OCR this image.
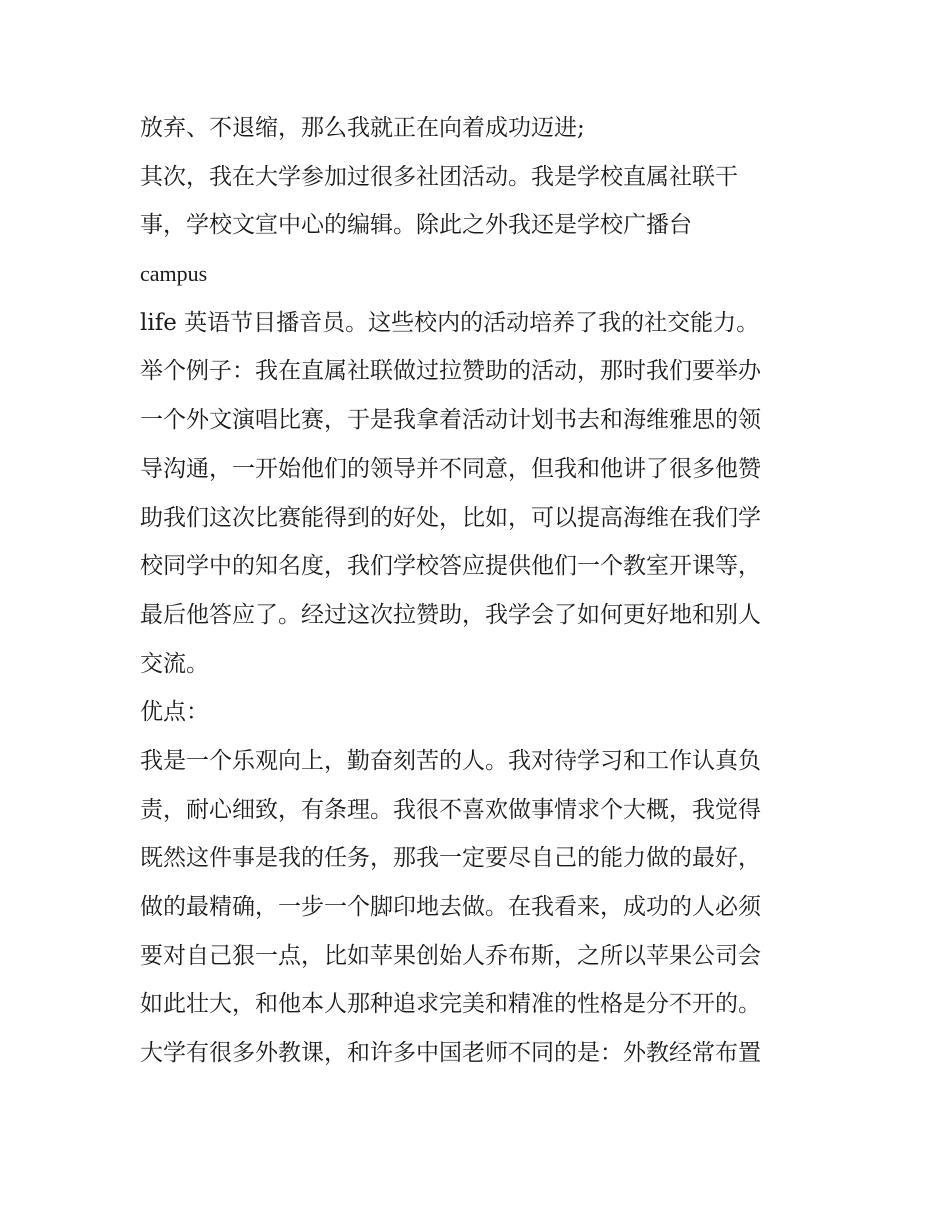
放弃、不退缩，那么我就正在向着成功迈进;
其次，我在大学参加过很多社团活动。我是学校直属社联干
事，学校文宣中心的编辑。除此之外我还是学校广播台
campus
life 英语节目播音员。这些校内的活动培养了我的社交能力。
举个例子：我在直属社联做过拉赞助的活动，那时我们要举办
一个外文演唱比赛，于是我拿着活动计划书去和海维雅思的领
导沟通，一开始他们的领导并不同意，但我和他讲了很多他赞
助我们这次比赛能得到的好处，比如，可以提高海维在我们学
校同学中的知名度，我们学校答应提供他们一个教室开课等，
最后他答应了。经过这次拉赞助，我学会了如何更好地和别人
交流。
优点：
我是一个乐观向上，勤奋刻苦的人。我对待学习和工作认真负
责，耐心细致，有条理。我很不喜欢做事情求个大概，我觉得
既然这件事是我的任务，那我一定要尽自己的能力做的最好，
做的最精确，一步一个脚印地去做。在我看来，成功的人必须
要对自己狠一点，比如苹果创始人乔布斯，之所以苹果公司会
如此壮大，和他本人那种追求完美和精准的性格是分不开的。
大学有很多外教课，和许多中国老师不同的是：外教经常布置
